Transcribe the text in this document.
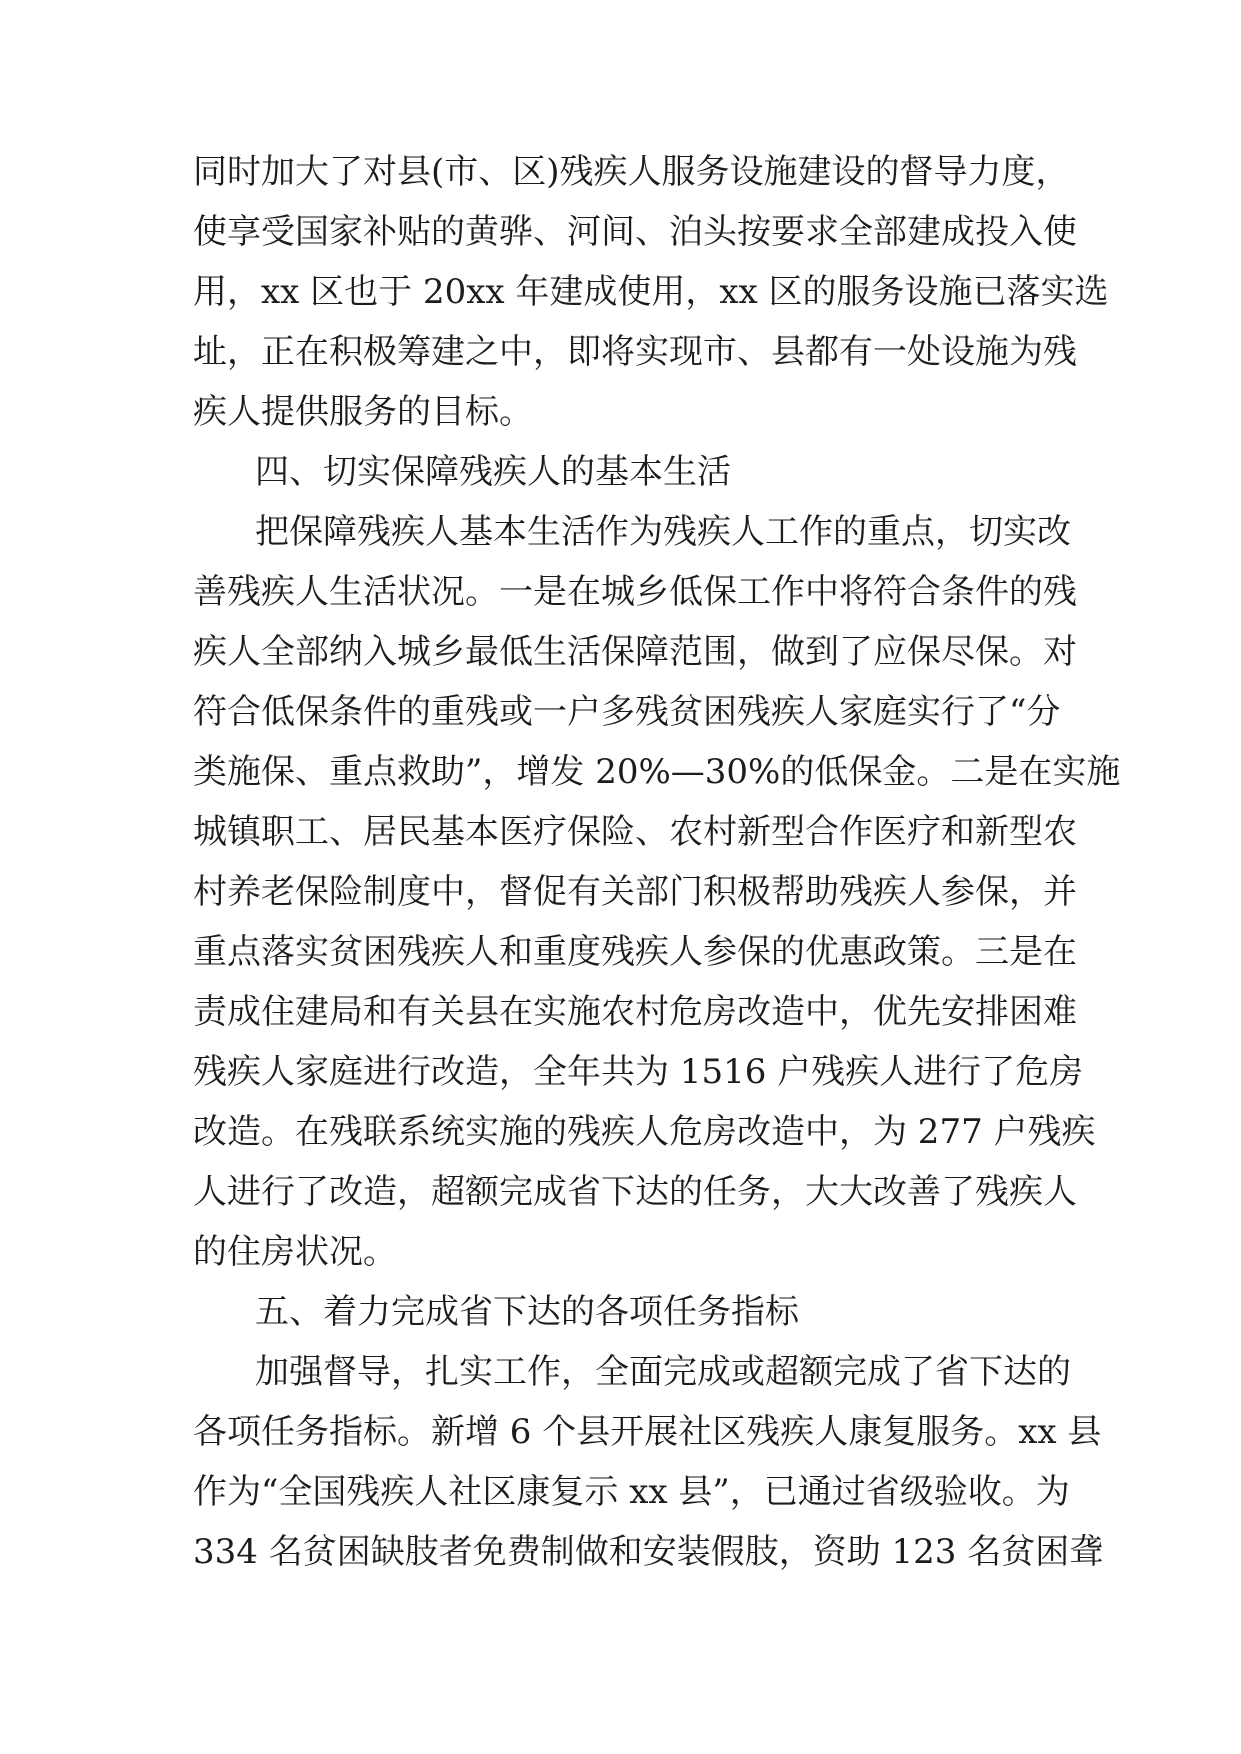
同时加大了对县(市、区)残疾人服务设施建设的督导力度，
使享受国家补贴的黄骅、河间、泊头按要求全部建成投入使
用，xx 区也于 20xx 年建成使用，xx 区的服务设施已落实选
址，正在积极筹建之中，即将实现市、县都有一处设施为残
疾人提供服务的目标。
四、切实保障残疾人的基本生活
把保障残疾人基本生活作为残疾人工作的重点，切实改
善残疾人生活状况。一是在城乡低保工作中将符合条件的残
疾人全部纳入城乡最低生活保障范围，做到了应保尽保。对
符合低保条件的重残或一户多残贫困残疾人家庭实行了“分
类施保、重点救助”，增发 20%—30%的低保金。二是在实施
城镇职工、居民基本医疗保险、农村新型合作医疗和新型农
村养老保险制度中，督促有关部门积极帮助残疾人参保，并
重点落实贫困残疾人和重度残疾人参保的优惠政策。三是在
责成住建局和有关县在实施农村危房改造中，优先安排困难
残疾人家庭进行改造，全年共为 1516 户残疾人进行了危房
改造。在残联系统实施的残疾人危房改造中，为 277 户残疾
人进行了改造，超额完成省下达的任务，大大改善了残疾人
的住房状况。
五、着力完成省下达的各项任务指标
加强督导，扎实工作，全面完成或超额完成了省下达的
各项任务指标。新增 6 个县开展社区残疾人康复服务。xx 县
作为“全国残疾人社区康复示 xx 县”，已通过省级验收。为
334 名贫困缺肢者免费制做和安装假肢，资助 123 名贫困聋
